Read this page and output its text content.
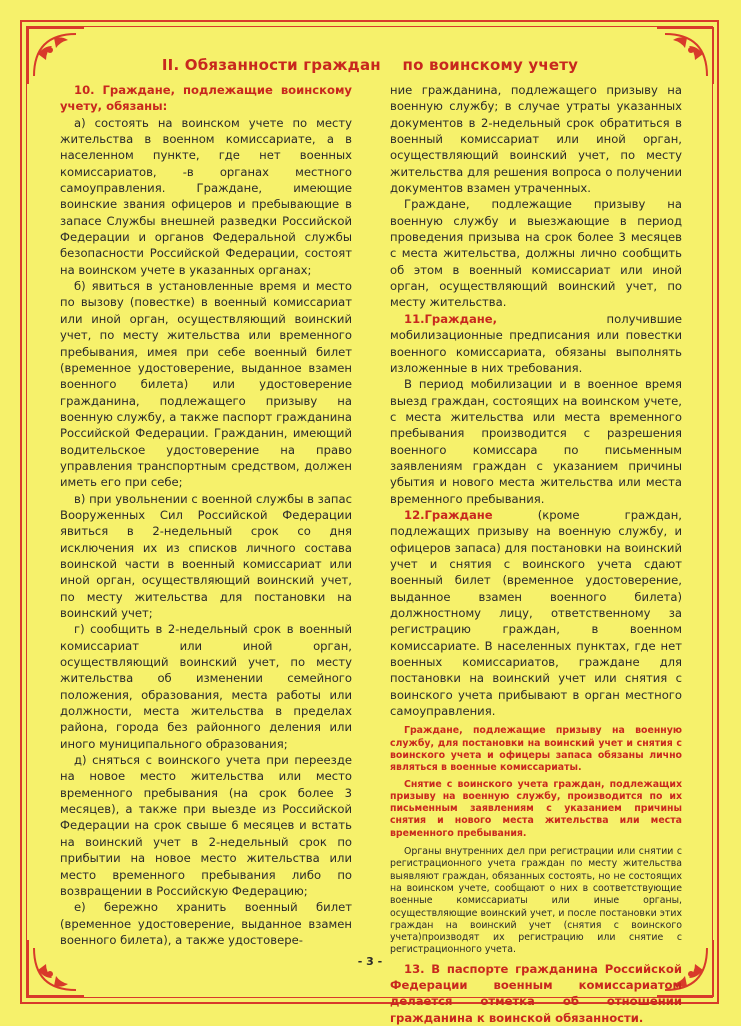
II. Обязанности граждан    по воинскому учету

10. Граждане, подлежащие воинскому учету, обязаны:

а) состоять на воинском учете по месту жительства в военном комиссариате, а в населенном пункте, где нет военных комиссариатов, -в органах местного самоуправления. Граждане, имеющие воинские звания офицеров и пребывающие в запасе Службы внешней разведки Российской Федерации и органов Федеральной службы безопасности Российской Федерации, состоят на воинском учете в указанных органах;

б) явиться в установленные время и место по вызову (повестке) в военный комиссариат или иной орган, осуществляющий воинский учет, по месту жительства или временного пребывания, имея при себе военный билет (временное удостоверение, выданное взамен военного билета) или удостоверение гражданина, подлежащего призыву на военную службу, а также паспорт гражданина Российской Федерации. Гражданин, имеющий водительское удостоверение на право управления транспортным средством, должен иметь его при себе;

в) при увольнении с военной службы в запас Вооруженных Сил Российской Федерации явиться в 2-недельный срок со дня исключения их из списков личного состава воинской части в военный комиссариат или иной орган, осуществляющий воинский учет, по месту жительства для постановки на воинский учет;

г) сообщить в 2-недельный срок в военный комиссариат или иной орган, осуществляющий воинский учет, по месту жительства об изменении семейного положения, образования, места работы или должности, места жительства в пределах района, города без районного деления или иного муниципального образования;

д) сняться с воинского учета при переезде на новое место жительства или место временного пребывания (на срок более 3 месяцев), а также при выезде из Российской Федерации на срок свыше 6 месяцев и встать на воинский учет в 2-недельный срок по прибытии на новое место жительства или место временного пребывания либо по возвращении в Российскую Федерацию;

е) бережно хранить военный билет (временное удостоверение, выданное взамен военного билета), а также удостовере-

ние гражданина, подлежащего призыву на военную службу; в случае утраты указанных документов в 2-недельный срок обратиться в военный комиссариат или иной орган, осуществляющий воинский учет, по месту жительства для решения вопроса о получении документов взамен утраченных.

Граждане, подлежащие призыву на военную службу и выезжающие в период проведения призыва на срок более 3 месяцев с места жительства, должны лично сообщить об этом в военный комиссариат или иной орган, осуществляющий воинский учет, по месту жительства.

11.Граждане, получившие мобилизационные предписания или повестки военного комиссариата, обязаны выполнять изложенные в них требования.

В период мобилизации и в военное время выезд граждан, состоящих на воинском учете, с места жительства или места временного пребывания производится с разрешения военного комиссара по письменным заявлениям граждан с указанием причины убытия и нового места жительства или места временного пребывания.

12.Граждане (кроме граждан, подлежащих призыву на военную службу, и офицеров запаса) для постановки на воинский учет и снятия с воинского учета сдают военный билет (временное удостоверение, выданное взамен военного билета) должностному лицу, ответственному за регистрацию граждан, в военном комиссариате. В населенных пунктах, где нет военных комиссариатов, граждане для постановки на воинский учет или снятия с воинского учета прибывают в орган местного самоуправления.

Граждане, подлежащие призыву на военную службу, для постановки на воинский учет и снятия с воинского учета и офицеры запаса обязаны лично являться в военные комиссариаты.

Снятие с воинского учета граждан, подлежащих призыву на военную службу, производится по их письменным заявлениям с указанием причины снятия и нового места жительства или места временного пребывания.

Органы внутренних дел при регистрации или снятии с регистрационного учета граждан по месту жительства выявляют граждан, обязанных состоять, но не состоящих на воинском учете, сообщают о них в соответствующие военные комиссариаты или иные органы, осуществляющие воинский учет, и после постановки этих граждан на воинский учет (снятия с воинского учета)производят их регистрацию или снятие с регистрационного учета.

13. В паспорте гражданина Российской Федерации военным комиссариатом делается отметка об отношении гражданина к воинской обязанности.

- 3 -
